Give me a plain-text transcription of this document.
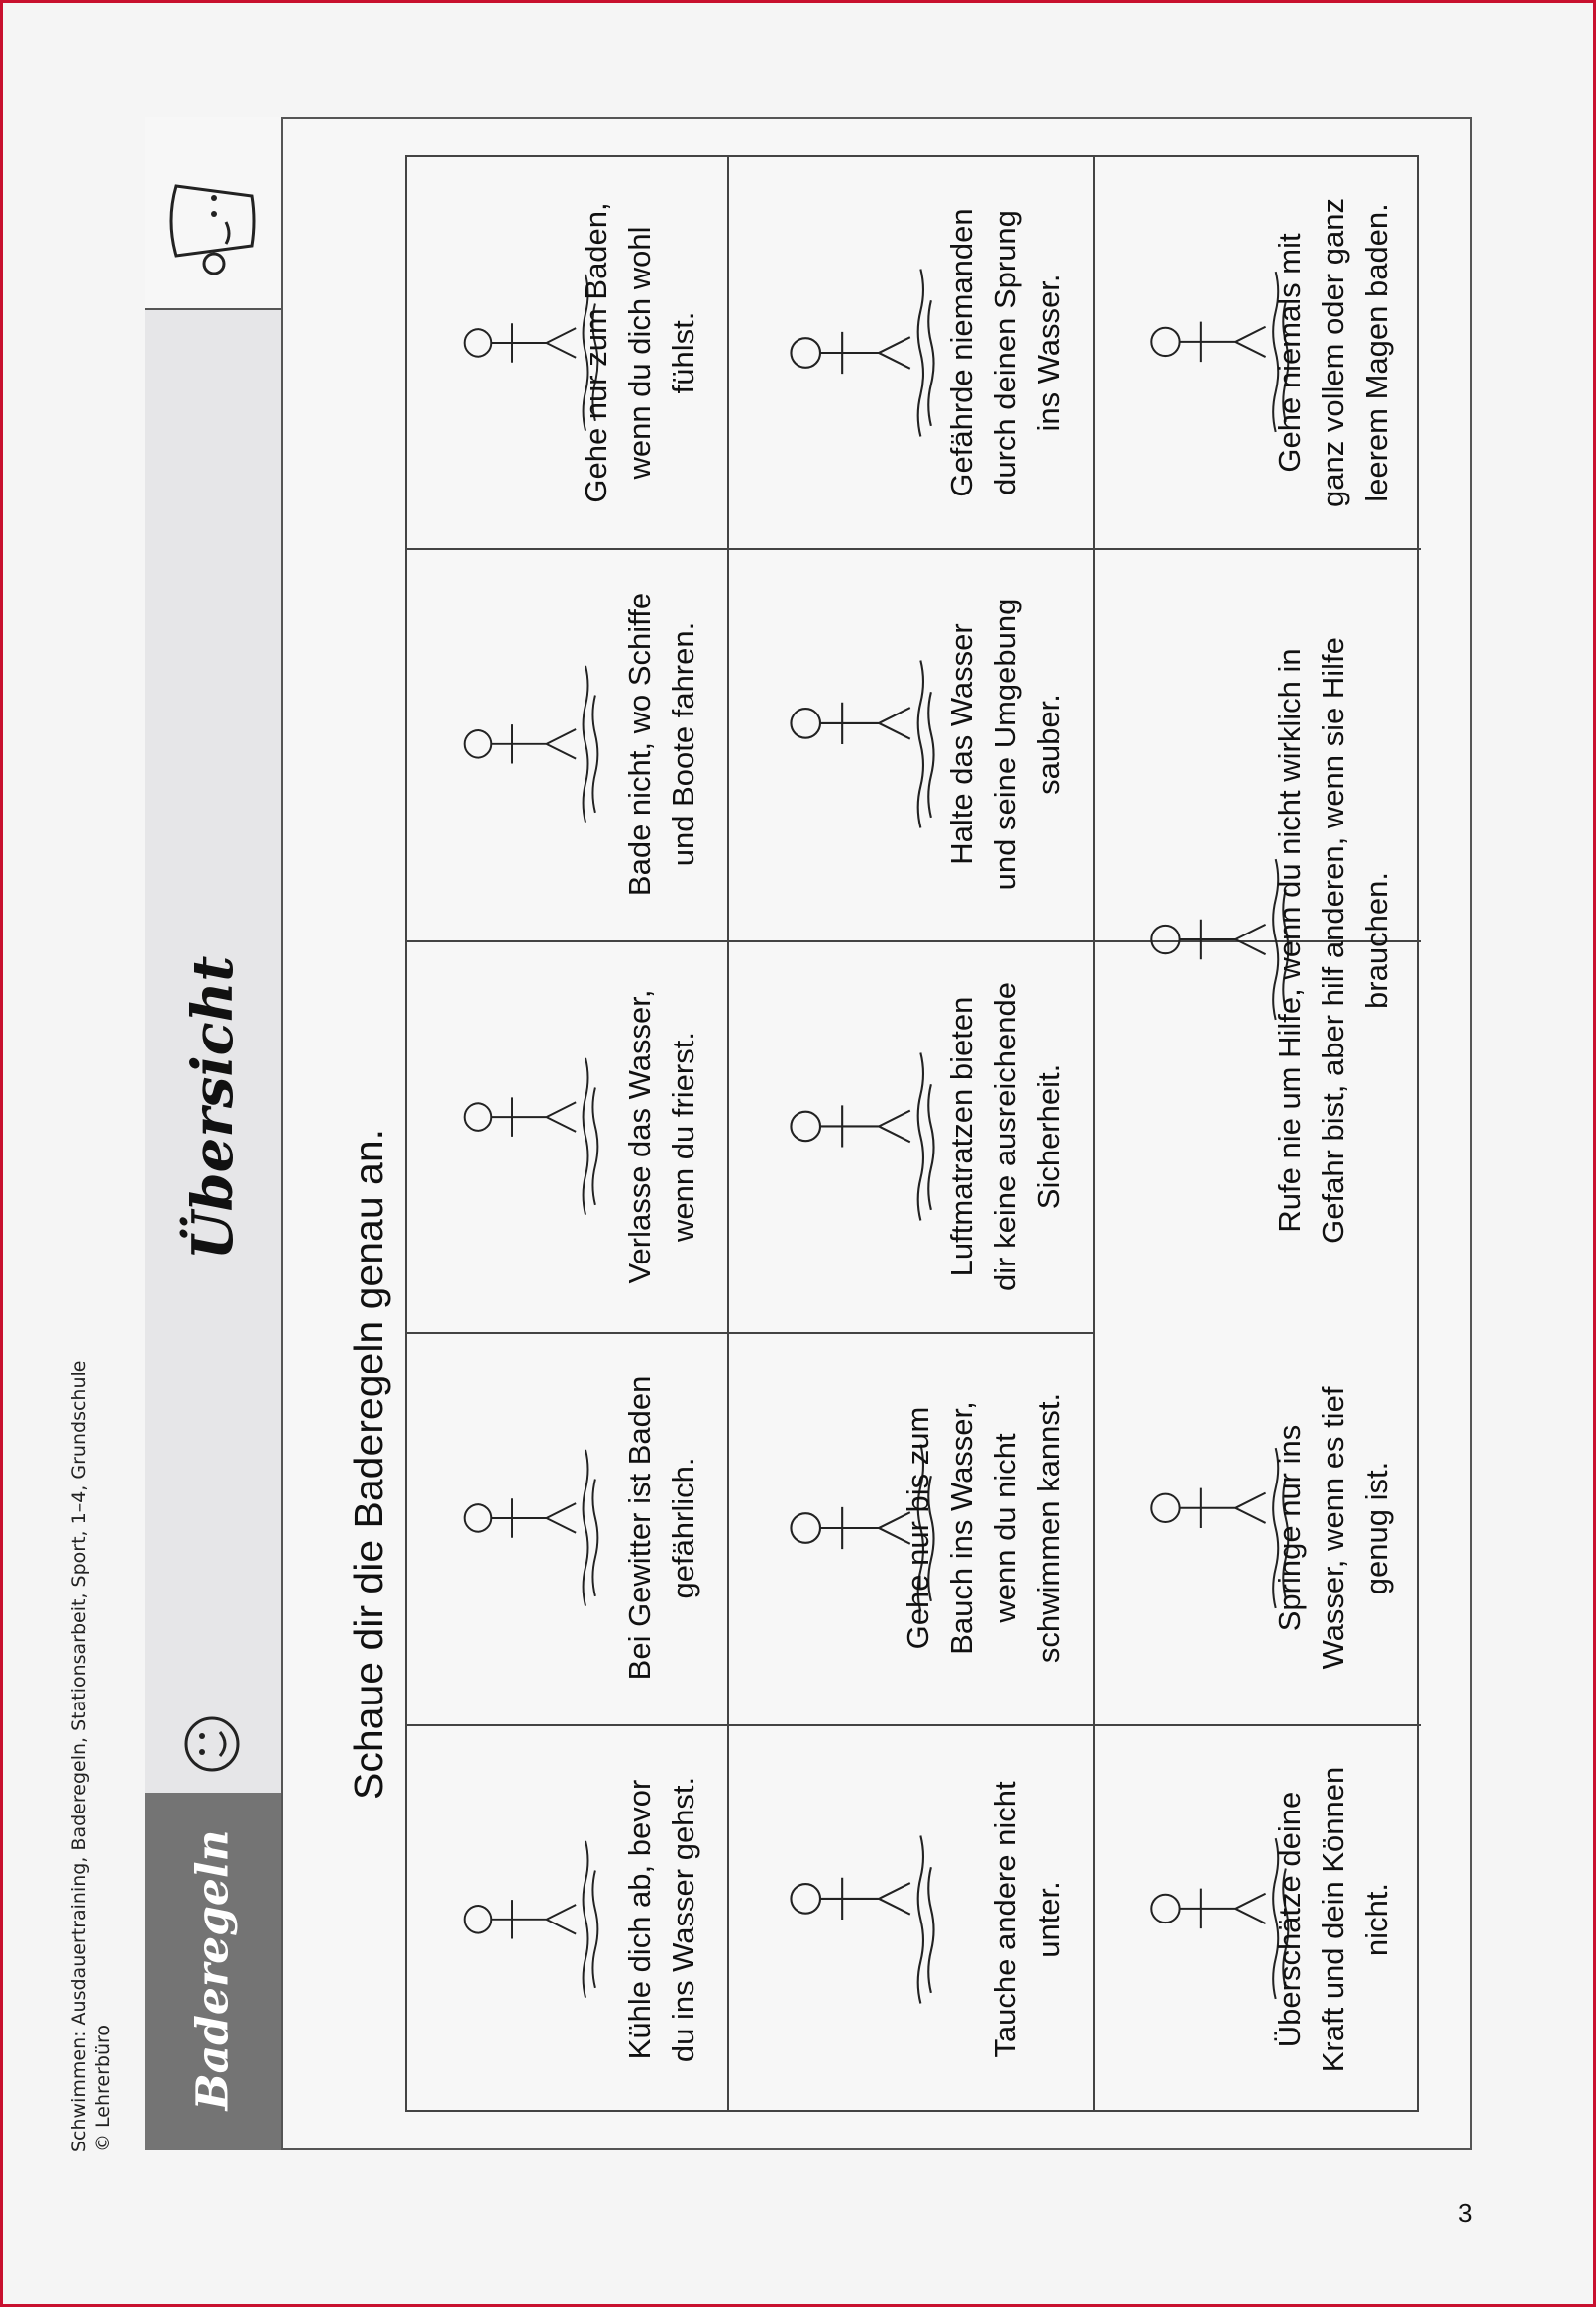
Schwimmen: Ausdauertraining, Baderegeln, Stationsarbeit, Sport, 1–4, Grundschule © Lehrerbüro Baderegeln
Übersicht
Schaue dir die Baderegeln genau an.
Kühle dich ab, bevor du ins Wasser gehst.
Bei Gewitter ist Baden gefährlich.
Verlasse das Wasser, wenn du frierst.
Bade nicht, wo Schiffe und Boote fahren.
Gehe nur zum Baden, wenn du dich wohl fühlst.
Tauche andere nicht unter.
Gehe nur bis zum Bauch ins Wasser, wenn du nicht schwimmen kannst.
Luftmatratzen bieten dir keine ausreichende Sicherheit.
Halte das Wasser und seine Umgebung sauber.
Gefährde niemanden durch deinen Sprung ins Wasser.
Überschätze deine Kraft und dein Können nicht.
Springe nur ins Wasser, wenn es tief genug ist.
Rufe nie um Hilfe, wenn du nicht wirklich in Gefahr bist, aber hilf anderen, wenn sie Hilfe brauchen.
Gehe niemals mit ganz vollem oder ganz leerem Magen baden.
3
